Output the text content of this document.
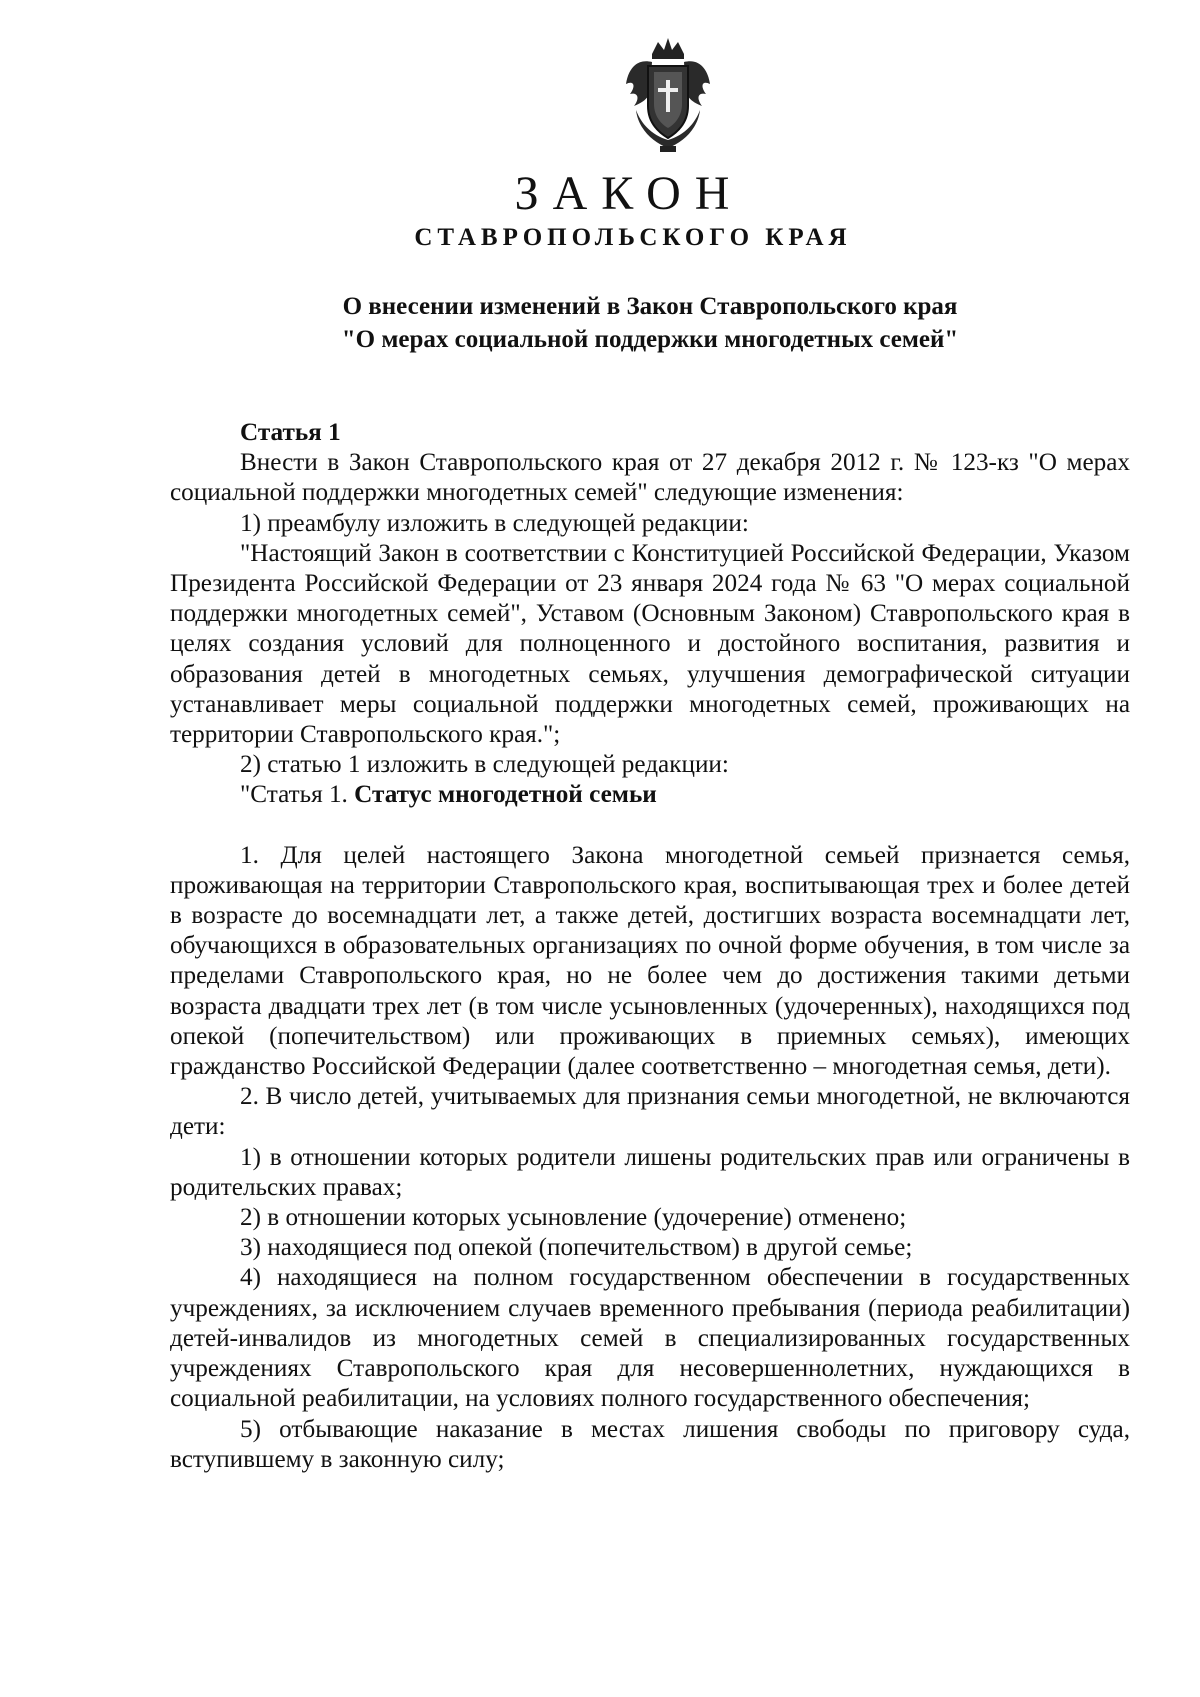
ЗАКОН
СТАВРОПОЛЬСКОГО КРАЯ
О внесении изменений в Закон Ставропольского края
"О мерах социальной поддержки многодетных семей"

Статья 1

Внести в Закон Ставропольского края от 27 декабря 2012 г. № 123-кз "О мерах социальной поддержки многодетных семей" следующие изменения:

1) преамбулу изложить в следующей редакции:

"Настоящий Закон в соответствии с Конституцией Российской Федерации, Указом Президента Российской Федерации от 23 января 2024 года № 63 "О мерах социальной поддержки многодетных семей", Уставом (Основным Законом) Ставропольского края в целях создания условий для полноценного и достойного воспитания, развития и образования детей в многодетных семьях, улучшения демографической ситуации устанавливает меры социальной поддержки многодетных семей, проживающих на территории Ставропольского края.";

2) статью 1 изложить в следующей редакции:

"Статья 1. Статус многодетной семьи

1. Для целей настоящего Закона многодетной семьей признается семья, проживающая на территории Ставропольского края, воспитывающая трех и более детей в возрасте до восемнадцати лет, а также детей, достигших возраста восемнадцати лет, обучающихся в образовательных организациях по очной форме обучения, в том числе за пределами Ставропольского края, но не более чем до достижения такими детьми возраста двадцати трех лет (в том числе усыновленных (удочеренных), находящихся под опекой (попечительством) или проживающих в приемных семьях), имеющих гражданство Российской Федерации (далее соответственно – многодетная семья, дети).

2. В число детей, учитываемых для признания семьи многодетной, не включаются дети:

1) в отношении которых родители лишены родительских прав или ограничены в родительских правах;

2) в отношении которых усыновление (удочерение) отменено;

3) находящиеся под опекой (попечительством) в другой семье;

4) находящиеся на полном государственном обеспечении в государственных учреждениях, за исключением случаев временного пребывания (периода реабилитации) детей-инвалидов из многодетных семей в специализированных государственных учреждениях Ставропольского края для несовершеннолетних, нуждающихся в социальной реабилитации, на условиях полного государственного обеспечения;

5) отбывающие наказание в местах лишения свободы по приговору суда, вступившему в законную силу;
